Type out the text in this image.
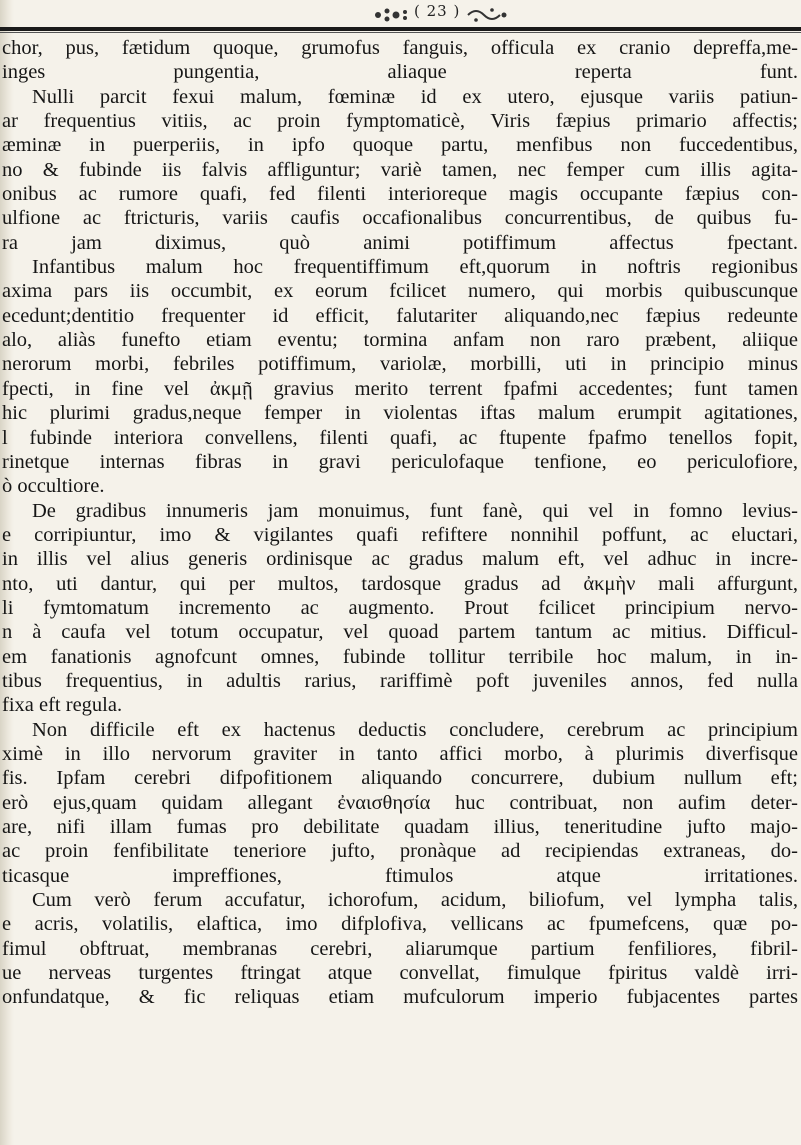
( 23 )
chor, pus, fætidum quoque, grumofus fanguis, officula ex cranio depreffa,me-
inges pungentia, aliaque reperta funt.
Nulli parcit fexui malum, fœminæ id ex utero, ejusque variis patiun-
ar frequentius vitiis, ac proin fymptomaticè, Viris fæpius primario affectis;
æminæ in puerperiis, in ipfo quoque partu, menfibus non fuccedentibus,
no & fubinde iis falvis affliguntur; variè tamen, nec femper cum illis agita-
onibus ac rumore quafi, fed filenti interioreque magis occupante fæpius con-
ulfione ac ftricturis, variis caufis occafionalibus concurrentibus, de quibus fu-
ra jam diximus, quò animi potiffimum affectus fpectant.
Infantibus malum hoc frequentiffimum eft,quorum in noftris regionibus
axima pars iis occumbit, ex eorum fcilicet numero, qui morbis quibuscunque
ecedunt;dentitio frequenter id efficit, falutariter aliquando,nec fæpius redeunte
alo, aliàs funefto etiam eventu; tormina anfam non raro præbent, aliique
nerorum morbi, febriles potiffimum, variolæ, morbilli, uti in principio minus
fpecti, in fine vel ἀκμῇ gravius merito terrent fpafmi accedentes; funt tamen
hic plurimi gradus,neque femper in violentas iftas malum erumpit agitationes,
l fubinde interiora convellens, filenti quafi, ac ftupente fpafmo tenellos fopit,
rinetque internas fibras in gravi periculofaque tenfione, eo periculofiore,
ò occultiore.
De gradibus innumeris jam monuimus, funt fanè, qui vel in fomno levius-
e corripiuntur, imo & vigilantes quafi refiftere nonnihil poffunt, ac eluctari,
in illis vel alius generis ordinisque ac gradus malum eft, vel adhuc in incre-
nto, uti dantur, qui per multos, tardosque gradus ad ἀκμὴν mali affurgunt,
li fymtomatum incremento ac augmento. Prout fcilicet principium nervo-
n à caufa vel totum occupatur, vel quoad partem tantum ac mitius. Difficul-
em fanationis agnofcunt omnes, fubinde tollitur terribile hoc malum, in in-
tibus frequentius, in adultis rarius, rariffimè poft juveniles annos, fed nulla
fixa eft regula.
Non difficile eft ex hactenus deductis concludere, cerebrum ac principium
ximè in illo nervorum graviter in tanto affici morbo, à plurimis diverfisque
fis. Ipfam cerebri difpofitionem aliquando concurrere, dubium nullum eft;
erò ejus,quam quidam allegant ἐναισθησία huc contribuat, non aufim deter-
are, nifi illam fumas pro debilitate quadam illius, teneritudine jufto majo-
ac proin fenfibilitate teneriore jufto, pronàque ad recipiendas extraneas, do-
ticasque impreffiones, ftimulos atque irritationes.
Cum verò ferum accufatur, ichorofum, acidum, biliofum, vel lympha talis,
e acris, volatilis, elaftica, imo difplofiva, vellicans ac fpumefcens, quæ po-
fimul obftruat, membranas cerebri, aliarumque partium fenfiliores, fibril-
ue nerveas turgentes ftringat atque convellat, fimulque fpiritus valdè irri-
onfundatque, & fic reliquas etiam mufculorum imperio fubjacentes partes
